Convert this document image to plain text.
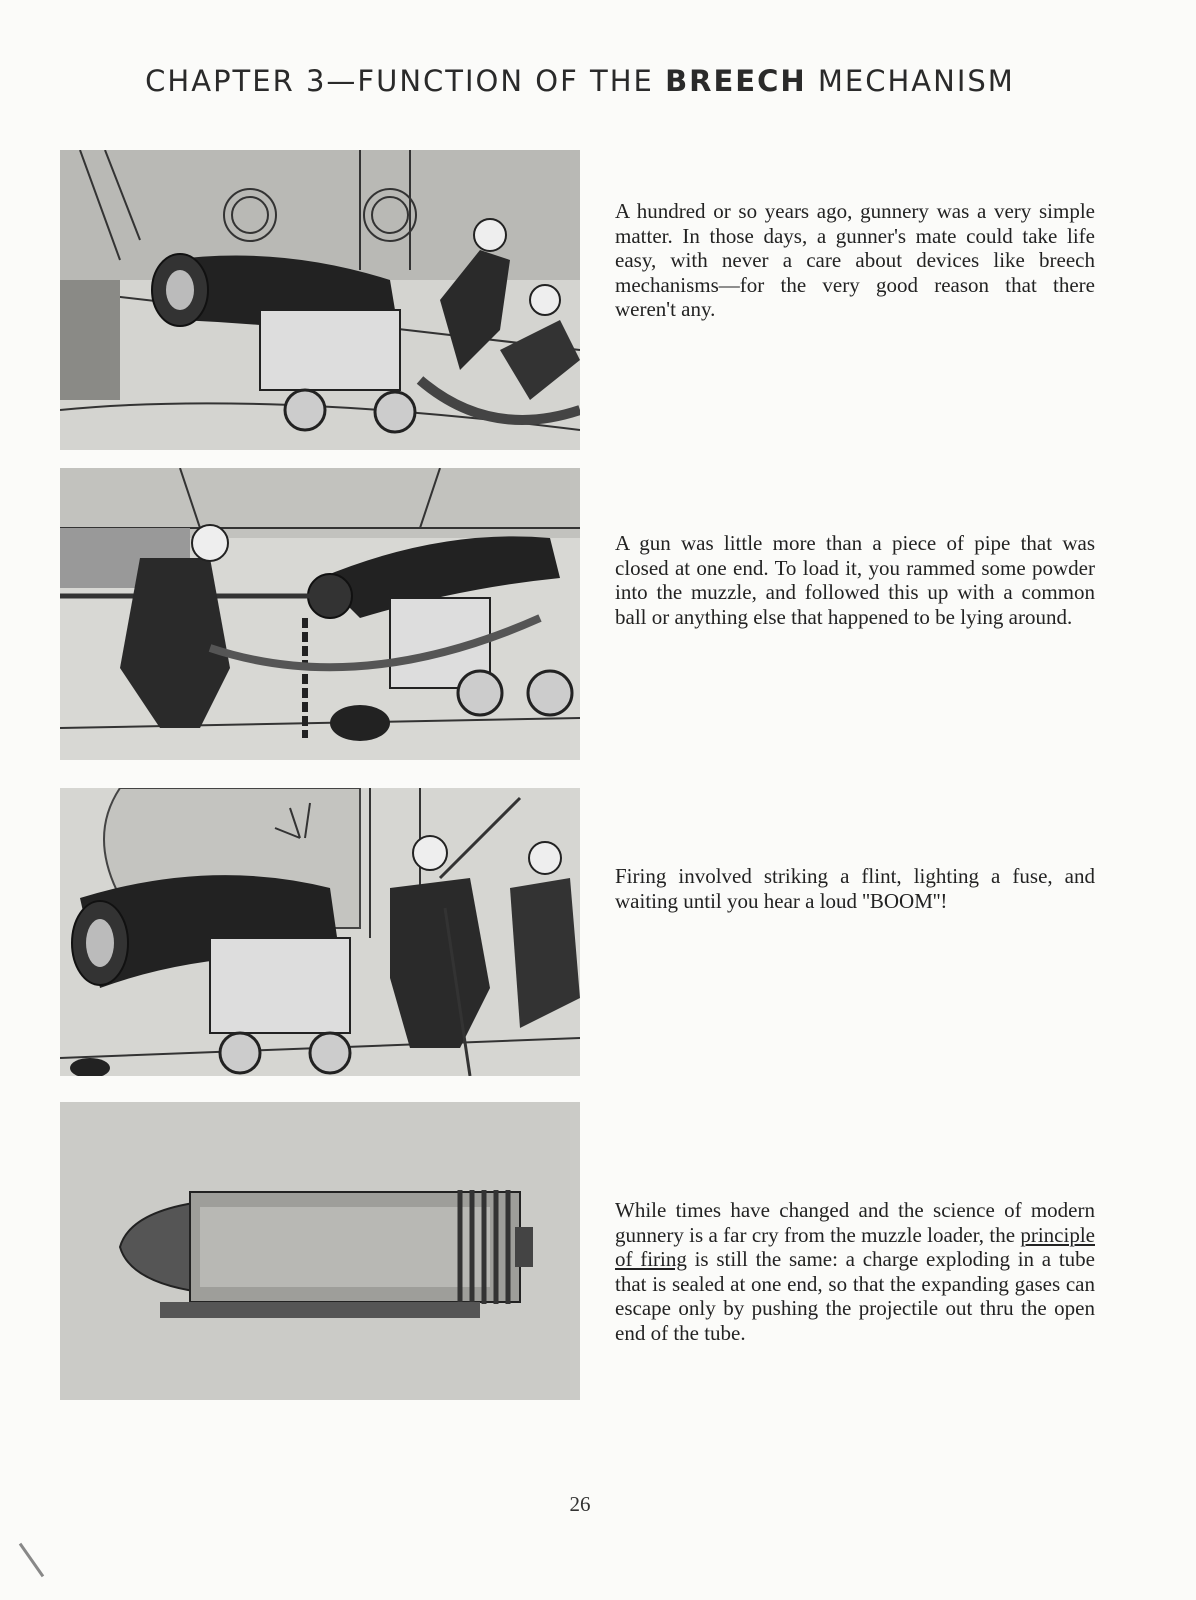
CHAPTER 3—FUNCTION OF THE BREECH MECHANISM
A hundred or so years ago, gunnery was a very simple matter. In those days, a gunner's mate could take life easy, with never a care about devices like breech mechanisms—for the very good reason that there weren't any.
A gun was little more than a piece of pipe that was closed at one end. To load it, you rammed some powder into the muzzle, and followed this up with a common ball or anything else that happened to be lying around.
Firing involved striking a flint, lighting a fuse, and waiting until you hear a loud ''BOOM''!
While times have changed and the science of modern gunnery is a far cry from the muzzle loader, the principle of firing is still the same: a charge exploding in a tube that is sealed at one end, so that the expanding gases can escape only by pushing the projectile out thru the open end of the tube.
26
